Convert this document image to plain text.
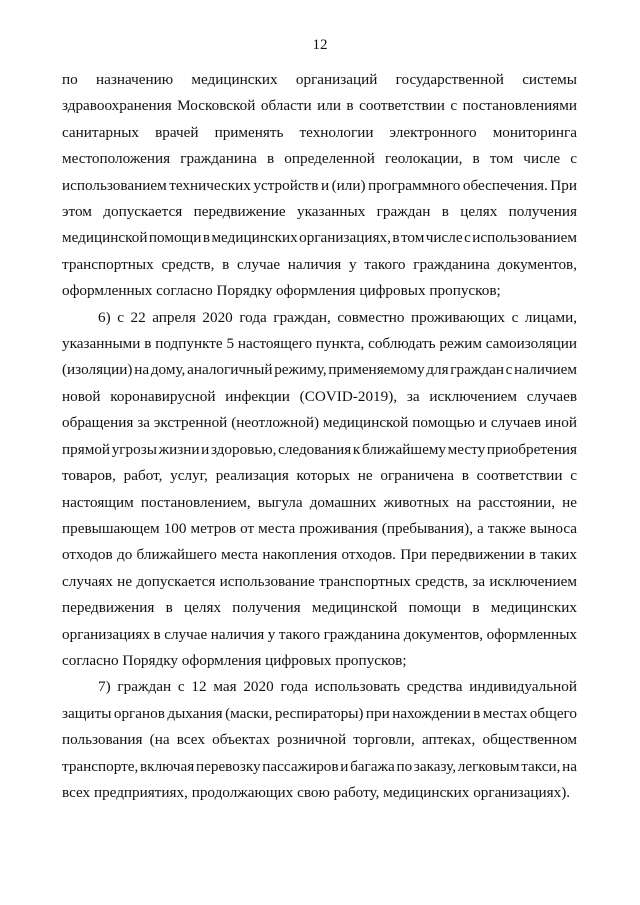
12

по назначению медицинских организаций государственной системы
здравоохранения Московской области или в соответствии с постановлениями
санитарных врачей применять технологии электронного мониторинга
местоположения гражданина в определенной геолокации, в том числе с
использованием технических устройств и (или) программного обеспечения. При
этом допускается передвижение указанных граждан в целях получения
медицинской помощи в медицинских организациях, в том числе с использованием
транспортных средств, в случае наличия у такого гражданина документов,
оформленных согласно Порядку оформления цифровых пропусков;

6) с 22 апреля 2020 года граждан, совместно проживающих с лицами,
указанными в подпункте 5 настоящего пункта, соблюдать режим самоизоляции
(изоляции) на дому, аналогичный режиму, применяемому для граждан с наличием
новой коронавирусной инфекции (COVID-2019), за исключением случаев
обращения за экстренной (неотложной) медицинской помощью и случаев иной
прямой угрозы жизни и здоровью, следования к ближайшему месту приобретения
товаров, работ, услуг, реализация которых не ограничена в соответствии с
настоящим постановлением, выгула домашних животных на расстоянии, не
превышающем 100 метров от места проживания (пребывания), а также выноса
отходов до ближайшего места накопления отходов. При передвижении в таких
случаях не допускается использование транспортных средств, за исключением
передвижения в целях получения медицинской помощи в медицинских
организациях в случае наличия у такого гражданина документов, оформленных
согласно Порядку оформления цифровых пропусков;

7) граждан с 12 мая 2020 года использовать средства индивидуальной
защиты органов дыхания (маски, респираторы) при нахождении в местах общего
пользования (на всех объектах розничной торговли, аптеках, общественном
транспорте, включая перевозку пассажиров и багажа по заказу, легковым такси, на
всех предприятиях, продолжающих свою работу, медицинских организациях).
